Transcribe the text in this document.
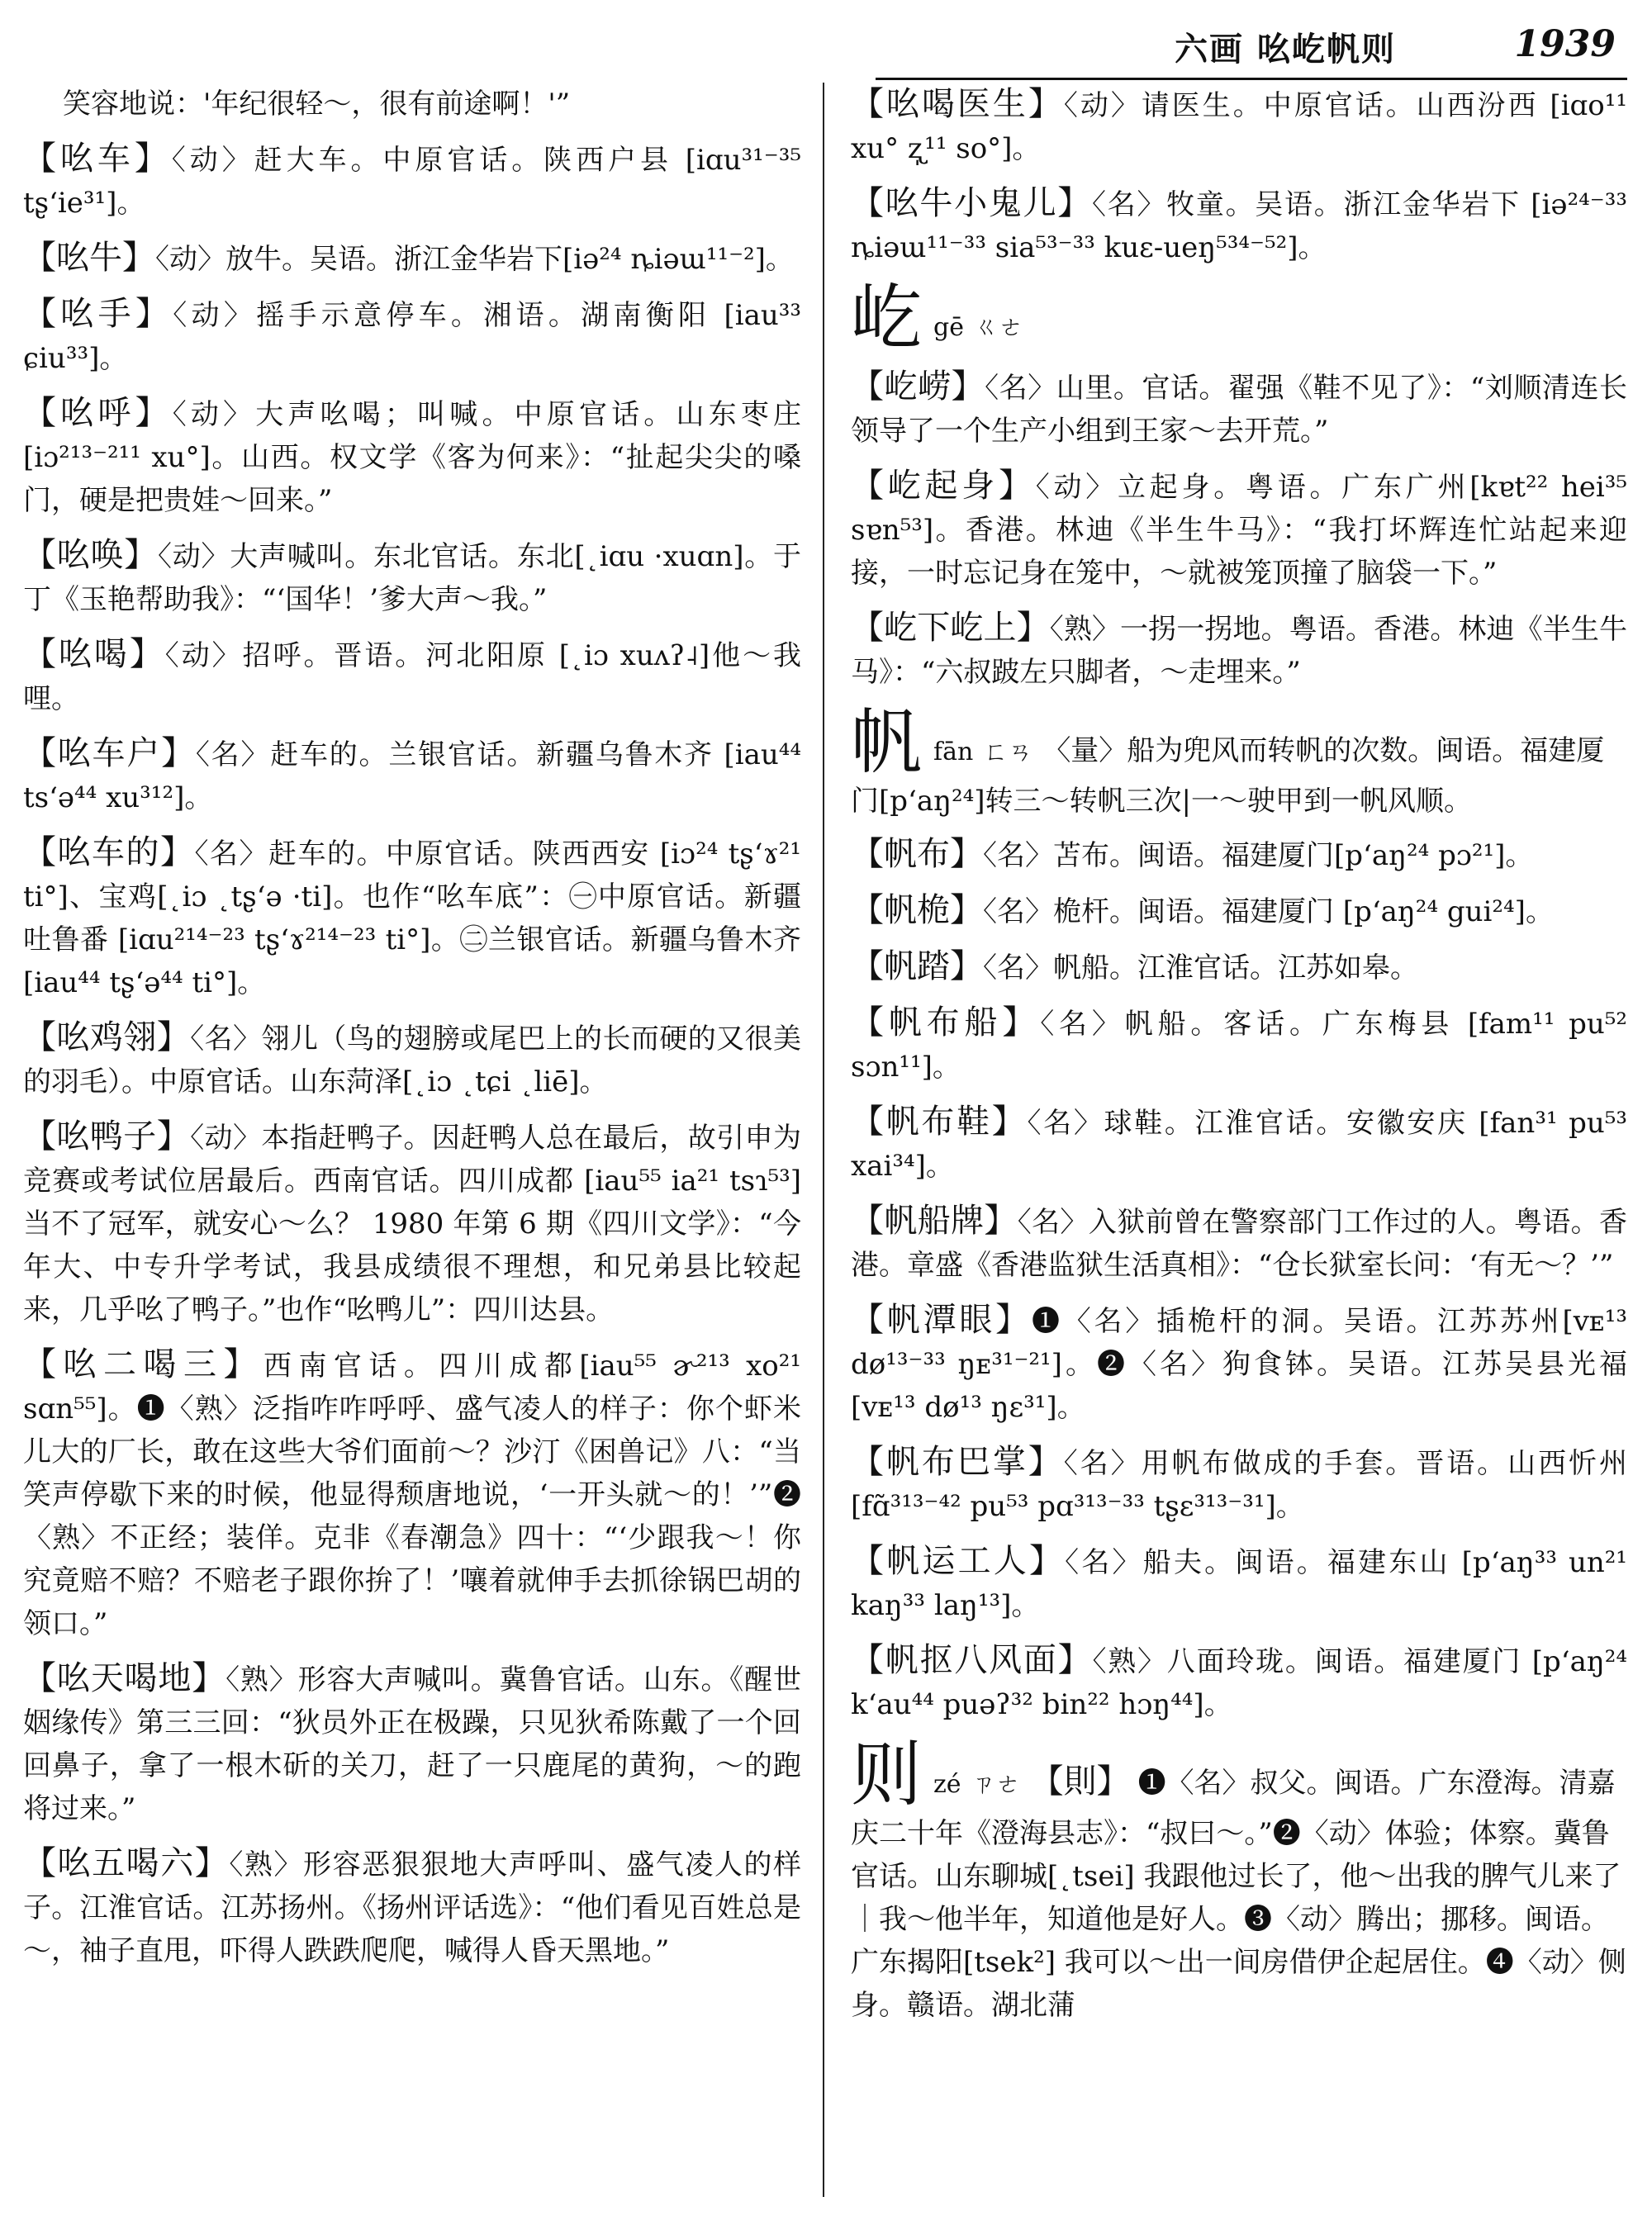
六画 吆屹帆则	1939

笑容地说：'年纪很轻～，很有前途啊！'”

【吆车】〈动〉赶大车。中原官话。陕西户县 [iɑu³¹⁻³⁵ tʂʻie³¹]。

【吆牛】〈动〉放牛。吴语。浙江金华岩下[iə²⁴ ȵiəɯ¹¹⁻²]。

【吆手】〈动〉摇手示意停车。湘语。湖南衡阳 [iau³³ ɕiu³³]。

【吆呼】〈动〉大声吆喝；叫喊。中原官话。山东枣庄[iɔ²¹³⁻²¹¹ xu°]。山西。权文学《客为何来》：“扯起尖尖的嗓门，硬是把贵娃～回来。”

【吆唤】〈动〉大声喊叫。东北官话。东北[˛iɑu ·xuɑn]。于丁《玉艳帮助我》：“‘国华！’爹大声～我。”

【吆喝】〈动〉招呼。晋语。河北阳原 [˛iɔ xuʌʔ˨]他～我哩。

【吆车户】〈名〉赶车的。兰银官话。新疆乌鲁木齐 [iau⁴⁴ tsʻə⁴⁴ xu³¹²]。

【吆车的】〈名〉赶车的。中原官话。陕西西安 [iɔ²⁴ tʂʻɤ²¹ ti°]、宝鸡[˛iɔ ˛tʂʻə ·ti]。也作“吆车底”：㊀中原官话。新疆吐鲁番 [iɑu²¹⁴⁻²³ tʂʻɤ²¹⁴⁻²³ ti°]。㊁兰银官话。新疆乌鲁木齐[iau⁴⁴ tʂʻə⁴⁴ ti°]。

【吆鸡翎】〈名〉翎儿（鸟的翅膀或尾巴上的长而硬的又很美的羽毛）。中原官话。山东菏泽[˛iɔ ˛tɕi ˛liē]。

【吆鸭子】〈动〉本指赶鸭子。因赶鸭人总在最后，故引申为竞赛或考试位居最后。西南官话。四川成都 [iau⁵⁵ ia²¹ tsɿ⁵³] 当不了冠军，就安心～么？ 1980 年第 6 期《四川文学》：“今年大、中专升学考试，我县成绩很不理想，和兄弟县比较起来，几乎吆了鸭子。”也作“吆鸭儿”：四川达县。

【吆二喝三】西南官话。四川成都[iau⁵⁵ ɚ²¹³ xo²¹ sɑn⁵⁵]。❶〈熟〉泛指咋咋呼呼、盛气凌人的样子：你个虾米儿大的厂长，敢在这些大爷们面前～？沙汀《困兽记》八：“当笑声停歇下来的时候，他显得颓唐地说，‘一开头就～的！’”❷〈熟〉不正经；装佯。克非《春潮急》四十：“‘少跟我～！你究竟赔不赔？不赔老子跟你拚了！’嚷着就伸手去抓徐锅巴胡的领口。”

【吆天喝地】〈熟〉形容大声喊叫。冀鲁官话。山东。《醒世姻缘传》第三三回：“狄员外正在极躁，只见狄希陈戴了一个回回鼻子，拿了一根木斫的关刀，赶了一只鹿尾的黄狗，～的跑将过来。”

【吆五喝六】〈熟〉形容恶狠狠地大声呼叫、盛气凌人的样子。江淮官话。江苏扬州。《扬州评话选》：“他们看见百姓总是～，袖子直甩，吓得人跌跌爬爬，喊得人昏天黑地。”

【吆喝医生】〈动〉请医生。中原官话。山西汾西 [iɑo¹¹ xu° ʐ̩¹¹ so°]。

【吆牛小鬼儿】〈名〉牧童。吴语。浙江金华岩下 [iə²⁴⁻³³ ȵiəɯ¹¹⁻³³ sia⁵³⁻³³ kuɛ-ueŋ⁵³⁴⁻⁵²]。

屹gē ㄍㄜ

【屹崂】〈名〉山里。官话。翟强《鞋不见了》：“刘顺清连长领导了一个生产小组到王家～去开荒。”

【屹起身】〈动〉立起身。粤语。广东广州[kɐt²² hei³⁵ sɐn⁵³]。香港。林迪《半生牛马》：“我打坏辉连忙站起来迎接，一时忘记身在笼中，～就被笼顶撞了脑袋一下。”

【屹下屹上】〈熟〉一拐一拐地。粤语。香港。林迪《半生牛马》：“六叔跛左只脚者，～走埋来。”

帆fān ㄈㄢ 〈量〉船为兜风而转帆的次数。闽语。福建厦门[pʻaŋ²⁴]转三～转帆三次|一～驶甲到一帆风顺。

【帆布】〈名〉苫布。闽语。福建厦门[pʻaŋ²⁴ pɔ²¹]。

【帆桅】〈名〉桅杆。闽语。福建厦门 [pʻaŋ²⁴ gui²⁴]。

【帆踏】〈名〉帆船。江淮官话。江苏如皋。

【帆布船】〈名〉帆船。客话。广东梅县 [fam¹¹ pu⁵² sɔn¹¹]。

【帆布鞋】〈名〉球鞋。江淮官话。安徽安庆 [fan³¹ pu⁵³ xai³⁴]。

【帆船牌】〈名〉入狱前曾在警察部门工作过的人。粤语。香港。章盛《香港监狱生活真相》：“仓长狱室长问：‘有无～？’”

【帆潭眼】❶〈名〉插桅杆的洞。吴语。江苏苏州[vᴇ¹³ dø¹³⁻³³ ŋᴇ³¹⁻²¹]。❷〈名〉狗食钵。吴语。江苏吴县光福[vᴇ¹³ dø¹³ ŋɛ³¹]。

【帆布巴掌】〈名〉用帆布做成的手套。晋语。山西忻州[fɑ̃³¹³⁻⁴² pu⁵³ pɑ³¹³⁻³³ tʂɛ³¹³⁻³¹]。

【帆运工人】〈名〉船夫。闽语。福建东山 [pʻaŋ³³ un²¹ kaŋ³³ laŋ¹³]。

【帆抠八风面】〈熟〉八面玲珑。闽语。福建厦门 [pʻaŋ²⁴ kʻau⁴⁴ puəʔ³² bin²² hɔŋ⁴⁴]。

则zé ㄗㄜ 【則】 ❶〈名〉叔父。闽语。广东澄海。清嘉庆二十年《澄海县志》：“叔曰～。”❷〈动〉体验；体察。冀鲁官话。山东聊城[˛tsei] 我跟他过长了，他～出我的脾气儿来了｜我～他半年，知道他是好人。❸〈动〉腾出；挪移。闽语。广东揭阳[tsek²] 我可以～出一间房借伊企起居住。❹〈动〉侧身。赣语。湖北蒲
